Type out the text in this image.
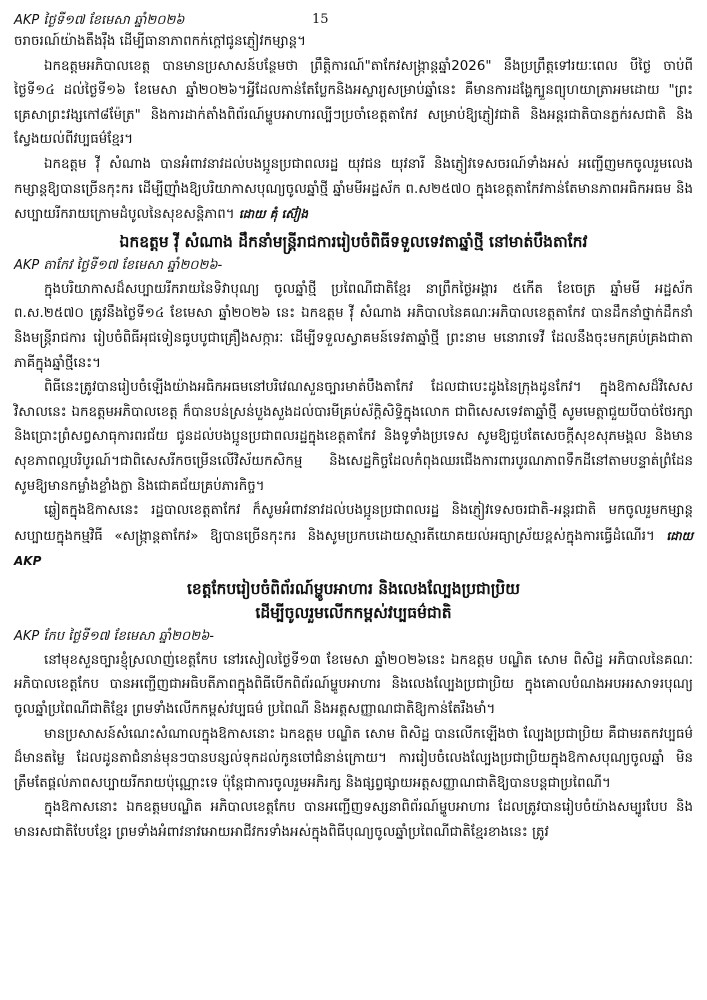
AKP ថ្ងៃទី១៧ ខែមេសា ឆ្នាំ២០២៦	15

ចរាចរណ៍យ៉ាងតឹងរ៉ឹង ដើម្បីធានាភាពកក់ក្ដៅជូនភ្ញៀវកម្សាន្ត។

ឯកឧត្តមអភិបាលខេត្ត បានមានប្រសាសន៍បន្ថែមថា ព្រឹត្តិការណ៍"តាកែវសង្ក្រាន្តឆ្នាំ2026" នឹងប្រព្រឹត្តទៅរយៈពេល បីថ្ងៃ ចាប់ពីថ្ងៃទី១៤ ដល់ថ្ងៃទី១៦ ខែមេសា ឆ្នាំ២០២៦។អ្វីដែលកាន់តែប្លែកនិងអស្ចារ្យសម្រាប់ឆ្នាំនេះ គឺមានការដង្ហែក្បួនព្យុហយាត្រាអមដោយ "ព្រះគ្រេសាព្រះវង្សកៅ៨ម៉ែត្រ" និងការដាក់តាំងពិព័រណ៍ម្ហូបអាហារល្បីៗប្រចាំខេត្តតាកែវ សម្រាប់ឱ្យភ្ញៀវជាតិ និងអន្តរជាតិបានភ្លក់រសជាតិ និងស្វែងយល់ពីវប្បធម៌ខ្មែរ។

ឯកឧត្តម វ៉ី សំណាង បានអំពាវនាវដល់បងប្អូនប្រជាពលរដ្ឋ យុវជន យុវនារី និងភ្ញៀវទេសចរណ៍ទាំងអស់ អញ្ជើញមកចូលរួមលេងកម្សាន្តឱ្យបានច្រើនកុះករ ដើម្បីញ៉ាំងឱ្យបរិយាកាសបុណ្យចូលឆ្នាំថ្មី ឆ្នាំមមីអដ្ឋស័ក ព.ស២៥៧០ ក្នុងខេត្តតាកែវកាន់តែមានភាពអធិកអធម និងសប្បាយរីករាយក្រោមដំបូលនៃសុខសន្តិភាព។ ដោយ គុំ ស៊ៀង

ឯកឧត្តម វ៉ី សំណាង ដឹកនាំមន្ត្រីរាជការរៀបចំពិធីទទួលទេវតាឆ្នាំថ្មី នៅមាត់បឹងតាកែវ

AKP តាកែវ ថ្ងៃទី១៧ ខែមេសា ឆ្នាំ២០២៦-

ក្នុងបរិយាកាសដ៏សប្បាយរីករាយនៃទិវាបុណ្យ ចូលឆ្នាំថ្មី ប្រពៃណីជាតិខ្មែរ នាព្រឹកថ្ងៃអង្គារ ៥កើត ខែចេត្រ ឆ្នាំមមី អដ្ឋស័ក ព.ស.២៥៧០ ត្រូវនឹងថ្ងៃទី១៤ ខែមេសា ឆ្នាំ២០២៦ នេះ ឯកឧត្តម វ៉ី សំណាង អភិបាលនៃគណៈអភិបាលខេត្តតាកែវ បានដឹកនាំថ្នាក់ដឹកនាំ និងមន្ត្រីរាជការ រៀបចំពិធីអុជទៀនធូបបូជាគ្រឿងសក្ការៈ ដើម្បីទទួលស្វាគមន៍ទេវតាឆ្នាំថ្មី ព្រះនាម មនោរាទេវី ដែលនឹងចុះមកគ្រប់គ្រងជាតាភាគីក្នុងឆ្នាំថ្មីនេះ។

ពិធីនេះត្រូវបានរៀបចំឡើងយ៉ាងអធិកអធមនៅបរិវេណសួនច្បារមាត់បឹងតាកែវ ដែលជាបេះដូងនៃក្រុងដូនកែវ។ ក្នុងឱកាសដ៏វិសេសវិសាលនេះ ឯកឧត្តមអភិបាលខេត្ត ក៏បានបន់ស្រន់បួងសួងដល់បារមីគ្រប់ស័ក្ដិសិទ្ធិក្នុងលោក ជាពិសេសទេវតាឆ្នាំថ្មី សូមមេត្តាជួយបីបាច់ថែរក្សា និងប្រោះព្រំសព្វសាធុការពរជ័យ ជូនដល់បងប្អូនប្រជាពលរដ្ឋក្នុងខេត្តតាកែវ និងទូទាំងប្រទេស សូមឱ្យជួបតែសេចក្ដីសុខសុភមង្គល និងមានសុខភាពល្អបរិបូរណ៍។ជាពិសេសរីកចម្រើនលើវិស័យកសិកម្ម និងសេដ្ឋកិច្ចដែលកំពុងឈរជើងការពារបូរណភាពទឹកដីនៅតាមបន្ទាត់ព្រំដែន សូមឱ្យមានកម្លាំងខ្លាំងក្លា និងជោគជ័យគ្រប់ភារកិច្ច។

ឆ្លៀតក្នុងឱកាសនេះ រដ្ឋបាលខេត្តតាកែវ ក៏សូមអំពាវនាវដល់បងប្អូនប្រជាពលរដ្ឋ និងភ្ញៀវទេសចរជាតិ-អន្តរជាតិ មកចូលរួមកម្សាន្តសប្បាយក្នុងកម្មវិធី «សង្ក្រាន្តតាកែវ» ឱ្យបានច្រើនកុះករ និងសូមប្រកបដោយស្មារតីយោគយល់អធ្យាស្រ័យខ្ពស់ក្នុងការធ្វើដំណើរ។ ដោយ AKP

ខេត្តកែបរៀបចំពិព័រណ៍ម្ហូបអាហារ និងលេងល្បែងប្រជាប្រិយ
ដើម្បីចូលរួមលើកកម្ពស់វប្បធម៌ជាតិ

AKP កែប ថ្ងៃទី១៧ ខែមេសា ឆ្នាំ២០២៦-

នៅមុខសួនច្បារខ្ញុំស្រលាញ់ខេត្តកែប នៅរសៀលថ្ងៃទី១៣ ខែមេសា ឆ្នាំ២០២៦នេះ ឯកឧត្តម បណ្ឌិត សោម ពិសិដ្ឋ អភិបាលនៃគណៈអភិបាលខេត្តកែប បានអញ្ជើញជាអធិបតីភាពក្នុងពិធីបើកពិព័រណ៍ម្ហូបអាហារ និងលេងល្បែងប្រជាប្រិយ ក្នុងគោលបំណងអបអរសាទរបុណ្យចូលឆ្នាំប្រពៃណីជាតិខ្មែរ ព្រមទាំងលើកកម្ពស់វប្បធម៌ ប្រពៃណី និងអត្តសញ្ញាណជាតិឱ្យកាន់តែរឹងមាំ។

មានប្រសាសន៍សំណេះសំណាលក្នុងឱកាសនោះ ឯកឧត្តម បណ្ឌិត សោម ពិសិដ្ឋ បានលើកឡើងថា ល្បែងប្រជាប្រិយ គឺជាមរតកវប្បធម៌ដ៏មានតម្លៃ ដែលដូនតាជំនាន់មុនៗបានបន្សល់ទុកដល់កូនចៅជំនាន់ក្រោយ។ ការរៀបចំលេងល្បែងប្រជាប្រិយក្នុងឱកាសបុណ្យចូលឆ្នាំ មិនត្រឹមតែផ្ដល់ភាពសប្បាយរីករាយប៉ុណ្ណោះទេ ប៉ុន្តែជាការចូលរួមអភិរក្ស និងផ្សព្វផ្សាយអត្តសញ្ញាណជាតិឱ្យបានបន្តជាប្រពៃណី។

ក្នុងឱកាសនោះ ឯកឧត្តមបណ្ឌិត អភិបាលខេត្តកែប បានអញ្ជើញទស្សនាពិព័រណ៍ម្ហូបអាហារ ដែលត្រូវបានរៀបចំយ៉ាងសម្បូរបែប និងមានរសជាតិបែបខ្មែរ ព្រមទាំងអំពាវនាវអោយអាជីវករទាំងអស់ក្នុងពិធីបុណ្យចូលឆ្នាំប្រពៃណីជាតិខ្មែរខាងនេះ ត្រូវ
